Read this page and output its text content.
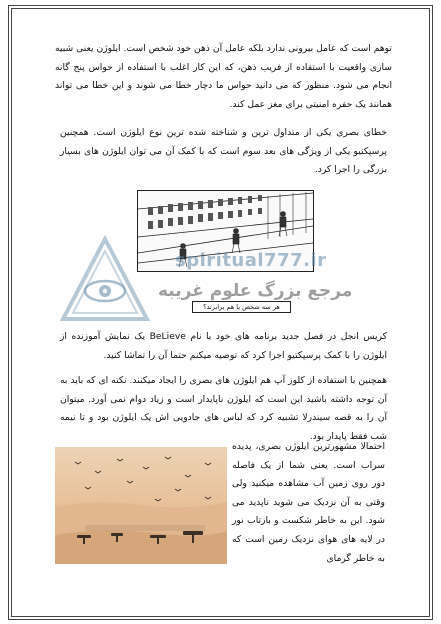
توهم است که عامل بیرونی ندارد بلکه عامل آن ذهن خود شخص است. ایلوژن یعنی شبیه سازی واقعیت با استفاده از فریب ذهن، که این کار اغلب با استفاده از حواس پنج گانه انجام می شود. منظور که می دانید حواس ما دچار خطا می شوند و این خطا می تواند همانند یک حفره امنیتی برای مغز عمل کند.

خطای بصری یکی از متداول ترین و شناخته شده ترین نوع ایلوژن است. همچنین پرسپکتیو یکی از ویژگی های بعد سوم است که با کمک آن می توان ایلوژن های بسیار بزرگی را اجرا کرد.

spiritual777.ir
مرجع بزرگ علوم غریبه
هر سه شخص یا هم برابرند؟

کریس انجل در فصل جدید برنامه های خود با نام BeLieve یک نمایش آموزنده از ایلوژن را با کمک پرسپکتیو اجرا کرد که توصیه میکنم حتما آن را تماشا کنید.

همچنین با استفاده از کلوز آپ هم ایلوژن های بصری را ایجاد میکنند. نکته ای که باید به آن توجه داشته باشید این است که ایلوژن ناپایدار است و زیاد دوام نمی آورد. میتوان آن را به قصه سیندرلا تشبیه کرد که لباس های جادویی اش یک ایلوژن بود و تا نیمه شب فقط پایدار بود.

احتمالا مشهورترین ایلوژن بصری، پدیده سراب است. یعنی شما از یک فاصله دور روی زمین آب مشاهده میکنید ولی وقتی به آن نزدیک می شوید ناپدید می شود. این به خاطر شکست و بازتاب نور در لایه های هوای نزدیک زمین است که به خاطر گرمای
